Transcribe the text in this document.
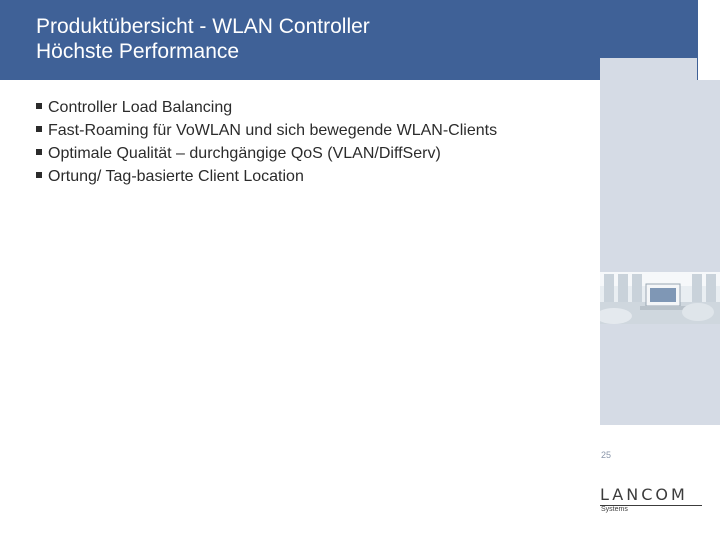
Produktübersicht - WLAN Controller
Höchste Performance
Controller Load Balancing
Fast-Roaming für VoWLAN und sich bewegende WLAN-Clients
Optimale Qualität – durchgängige QoS (VLAN/DiffServ)
Ortung/ Tag-basierte Client Location
25
LANCOM
Systems
